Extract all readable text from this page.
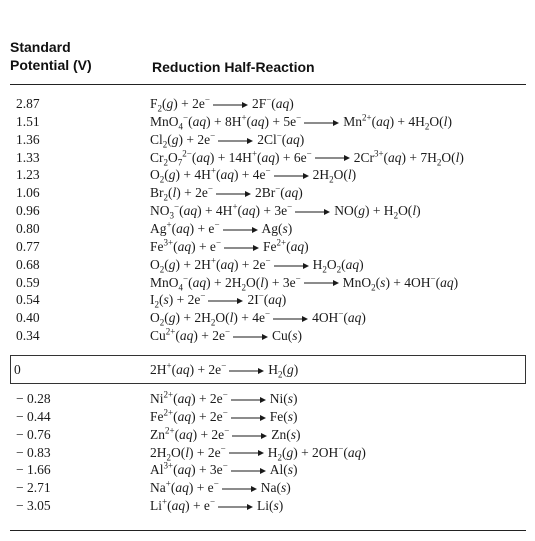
Standard
Potential (V)	Reduction Half-Reaction
2.87	$F_2(g) + 2e^- \to 2F^-(aq)$
1.51	$MnO_4^-(aq) + 8H^+(aq) + 5e^- \to Mn^{2+}(aq) + 4H_2O(l)$
1.36	$Cl_2(g) + 2e^- \to 2Cl^-(aq)$
1.33	$Cr_2O_7^{2-}(aq) + 14H^+(aq) + 6e^- \to 2Cr^{3+}(aq) + 7H_2O(l)$
1.23	$O_2(g) + 4H^+(aq) + 4e^- \to 2H_2O(l)$
1.06	$Br_2(l) + 2e^- \to 2Br^-(aq)$
0.96	$NO_3^-(aq) + 4H^+(aq) + 3e^- \to NO(g) + H_2O(l)$
0.80	Ag+(aq) + e− → Ag(s)
0.77	$Fe^{3+}(aq) + e^- \to Fe^{2+}(aq)$
0.68	$O_2(g) + 2H^+(aq) + 2e^- \to H_2O_2(aq)$
0.59	$MnO_4^-(aq) + 2H_2O(l) + 3e^- \to MnO_2(s) + 4OH^-(aq)$
0.54	$I_2(s) + 2e^- \to 2I^-(aq)$
0.40	$O_2(g) + 2H_2O(l) + 4e^- \to 4OH^-(aq)$
0.34	$Cu^{2+}(aq) + 2e^- \to Cu(s)$
0	$2H^+(aq) + 2e^- \to H_2(g)$
− 0.28	$Ni^{2+}(aq) + 2e^- \to Ni(s)$
− 0.44	$Fe^{2+}(aq) + 2e^- \to Fe(s)$
− 0.76	$Zn^{2+}(aq) + 2e^- \to Zn(s)$
− 0.83	$2H_2O(l) + 2e^- \to H_2(g) + 2OH^-(aq)$
− 1.66	$Al^{3+}(aq) + 3e^- \to Al(s)$
− 2.71	Na+(aq) + e− → Na(s)
− 3.05	Li+(aq) + e− → Li(s)
